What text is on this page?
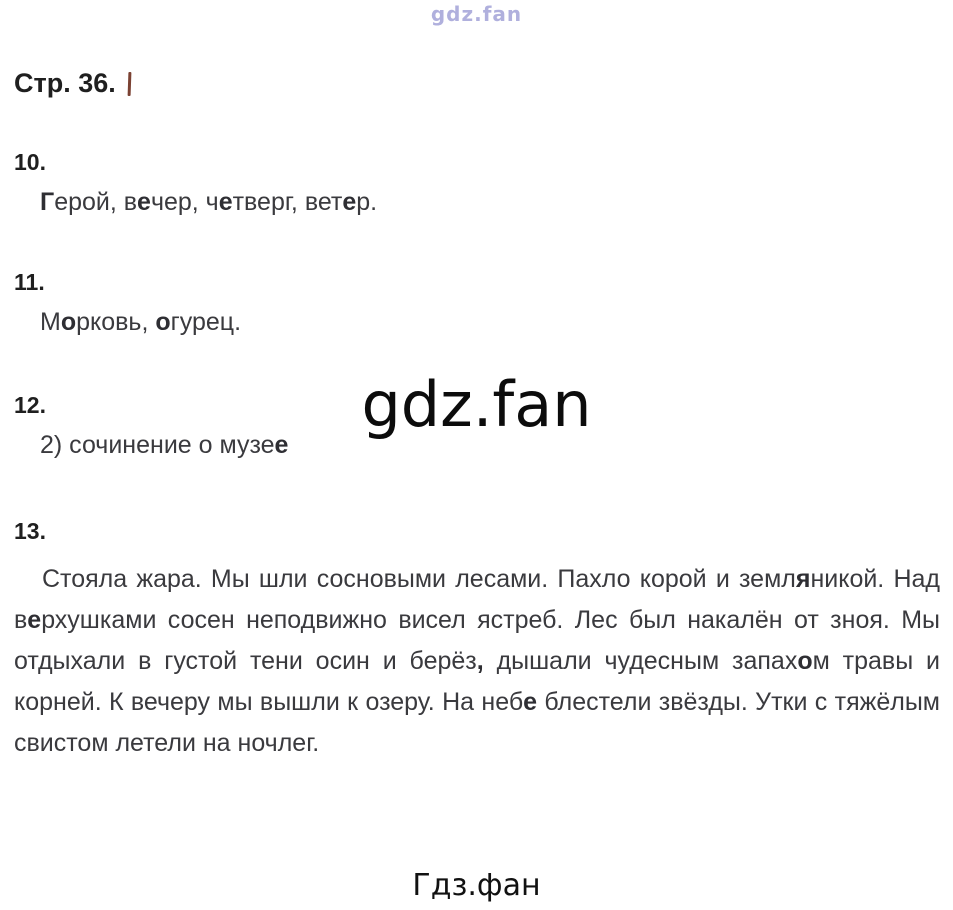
gdz.fan
Стр. 36.
10.

Герой, вечер, четверг, ветер.

11.

Морковь, огурец.

12.

2) сочинение о музее

13.

Стояла жара. Мы шли сосновыми лесами. Пахло корой и земляникой. Над верхушками сосен неподвижно висел ястреб. Лес был накалён от зноя. Мы отдыхали в густой тени осин и берёз, дышали чудесным запахом травы и корней. К вечеру мы вышли к озеру. На небе блестели звёзды. Утки с тяжёлым свистом летели на ночлег.

gdz.fan
Гдз.фан
